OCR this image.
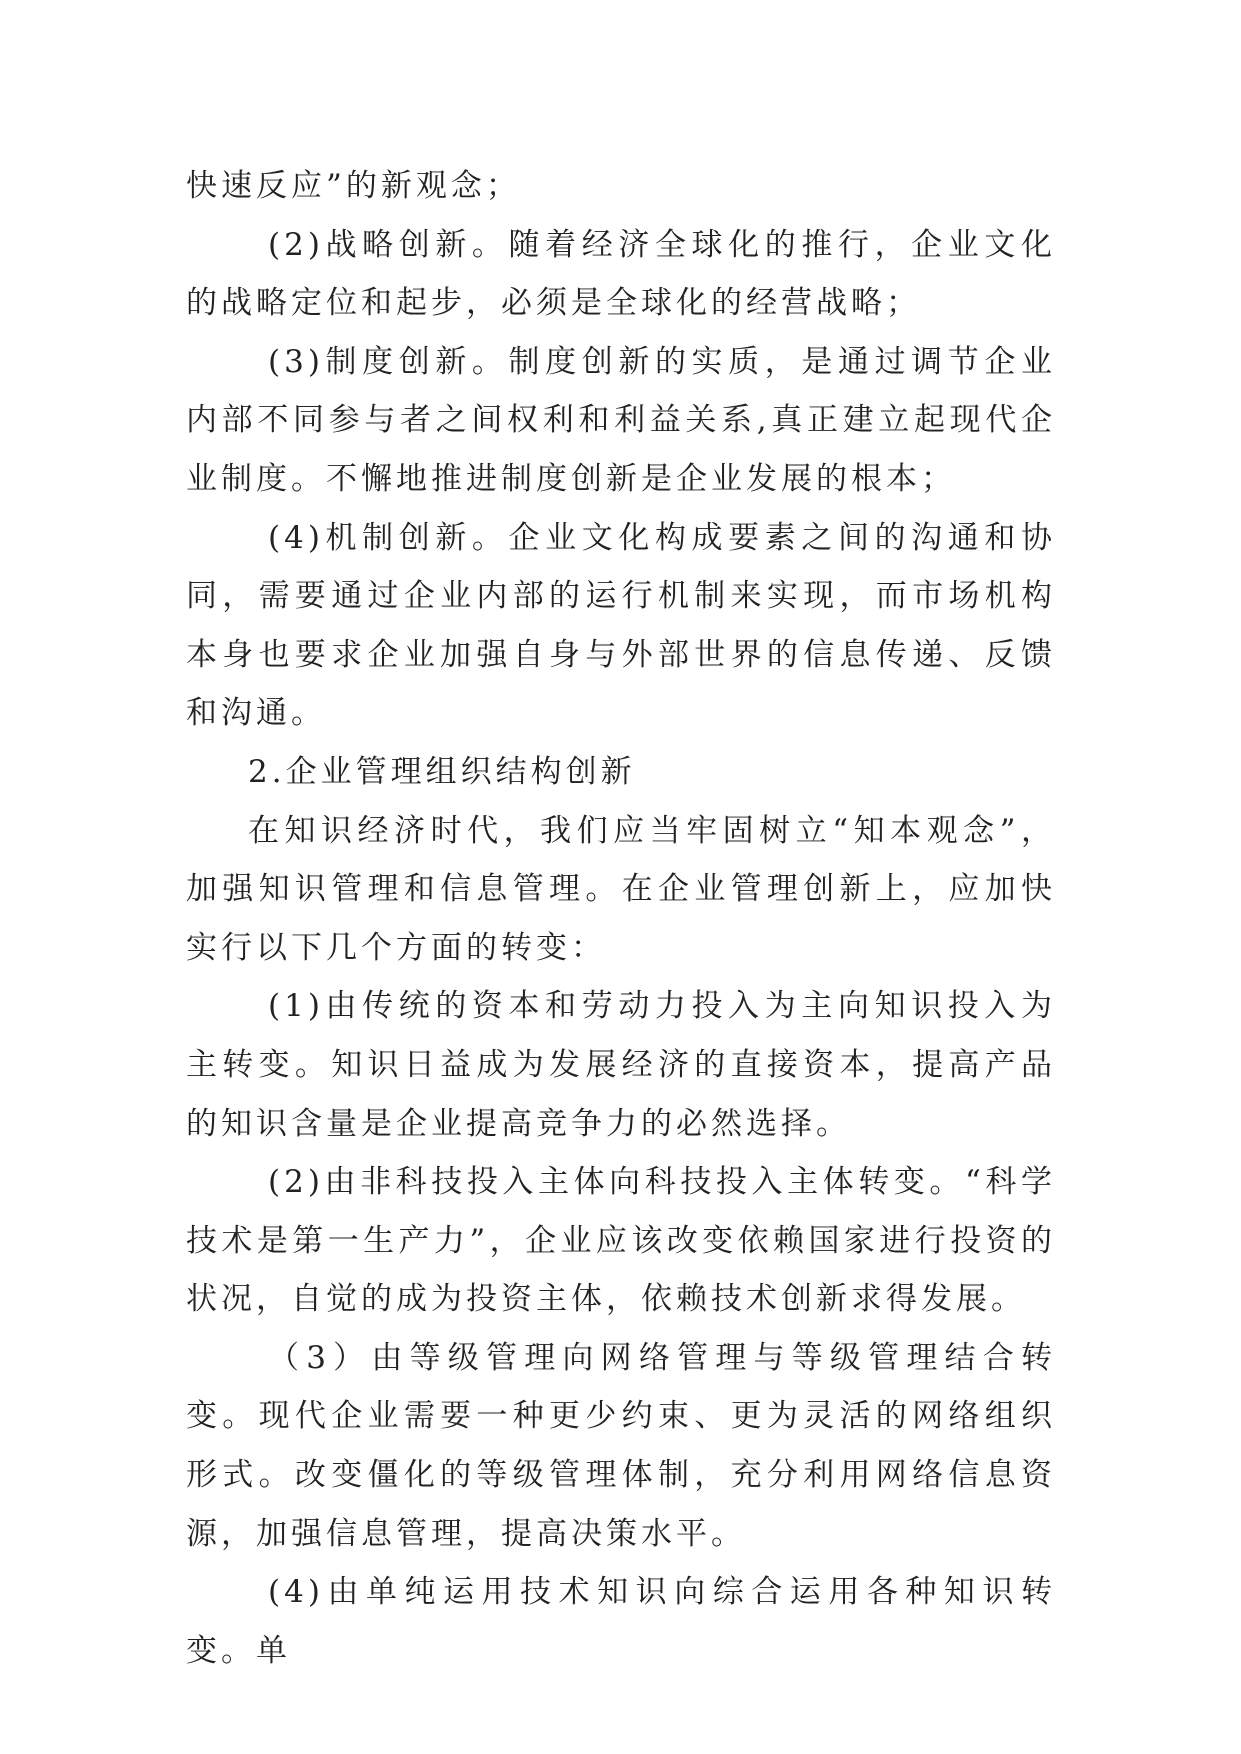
快速反应”的新观念；

(2)战略创新。随着经济全球化的推行，企业文化的战略定位和起步，必须是全球化的经营战略；

(3)制度创新。制度创新的实质，是通过调节企业内部不同参与者之间权利和利益关系,真正建立起现代企业制度。不懈地推进制度创新是企业发展的根本；

(4)机制创新。企业文化构成要素之间的沟通和协同，需要通过企业内部的运行机制来实现，而市场机构本身也要求企业加强自身与外部世界的信息传递、反馈和沟通。

2.企业管理组织结构创新

在知识经济时代，我们应当牢固树立“知本观念”，加强知识管理和信息管理。在企业管理创新上，应加快实行以下几个方面的转变：

(1)由传统的资本和劳动力投入为主向知识投入为主转变。知识日益成为发展经济的直接资本，提高产品的知识含量是企业提高竞争力的必然选择。

(2)由非科技投入主体向科技投入主体转变。“科学技术是第一生产力”，企业应该改变依赖国家进行投资的状况，自觉的成为投资主体，依赖技术创新求得发展。

（3）由等级管理向网络管理与等级管理结合转变。现代企业需要一种更少约束、更为灵活的网络组织形式。改变僵化的等级管理体制，充分利用网络信息资源，加强信息管理，提高决策水平。

(4)由单纯运用技术知识向综合运用各种知识转变。单
